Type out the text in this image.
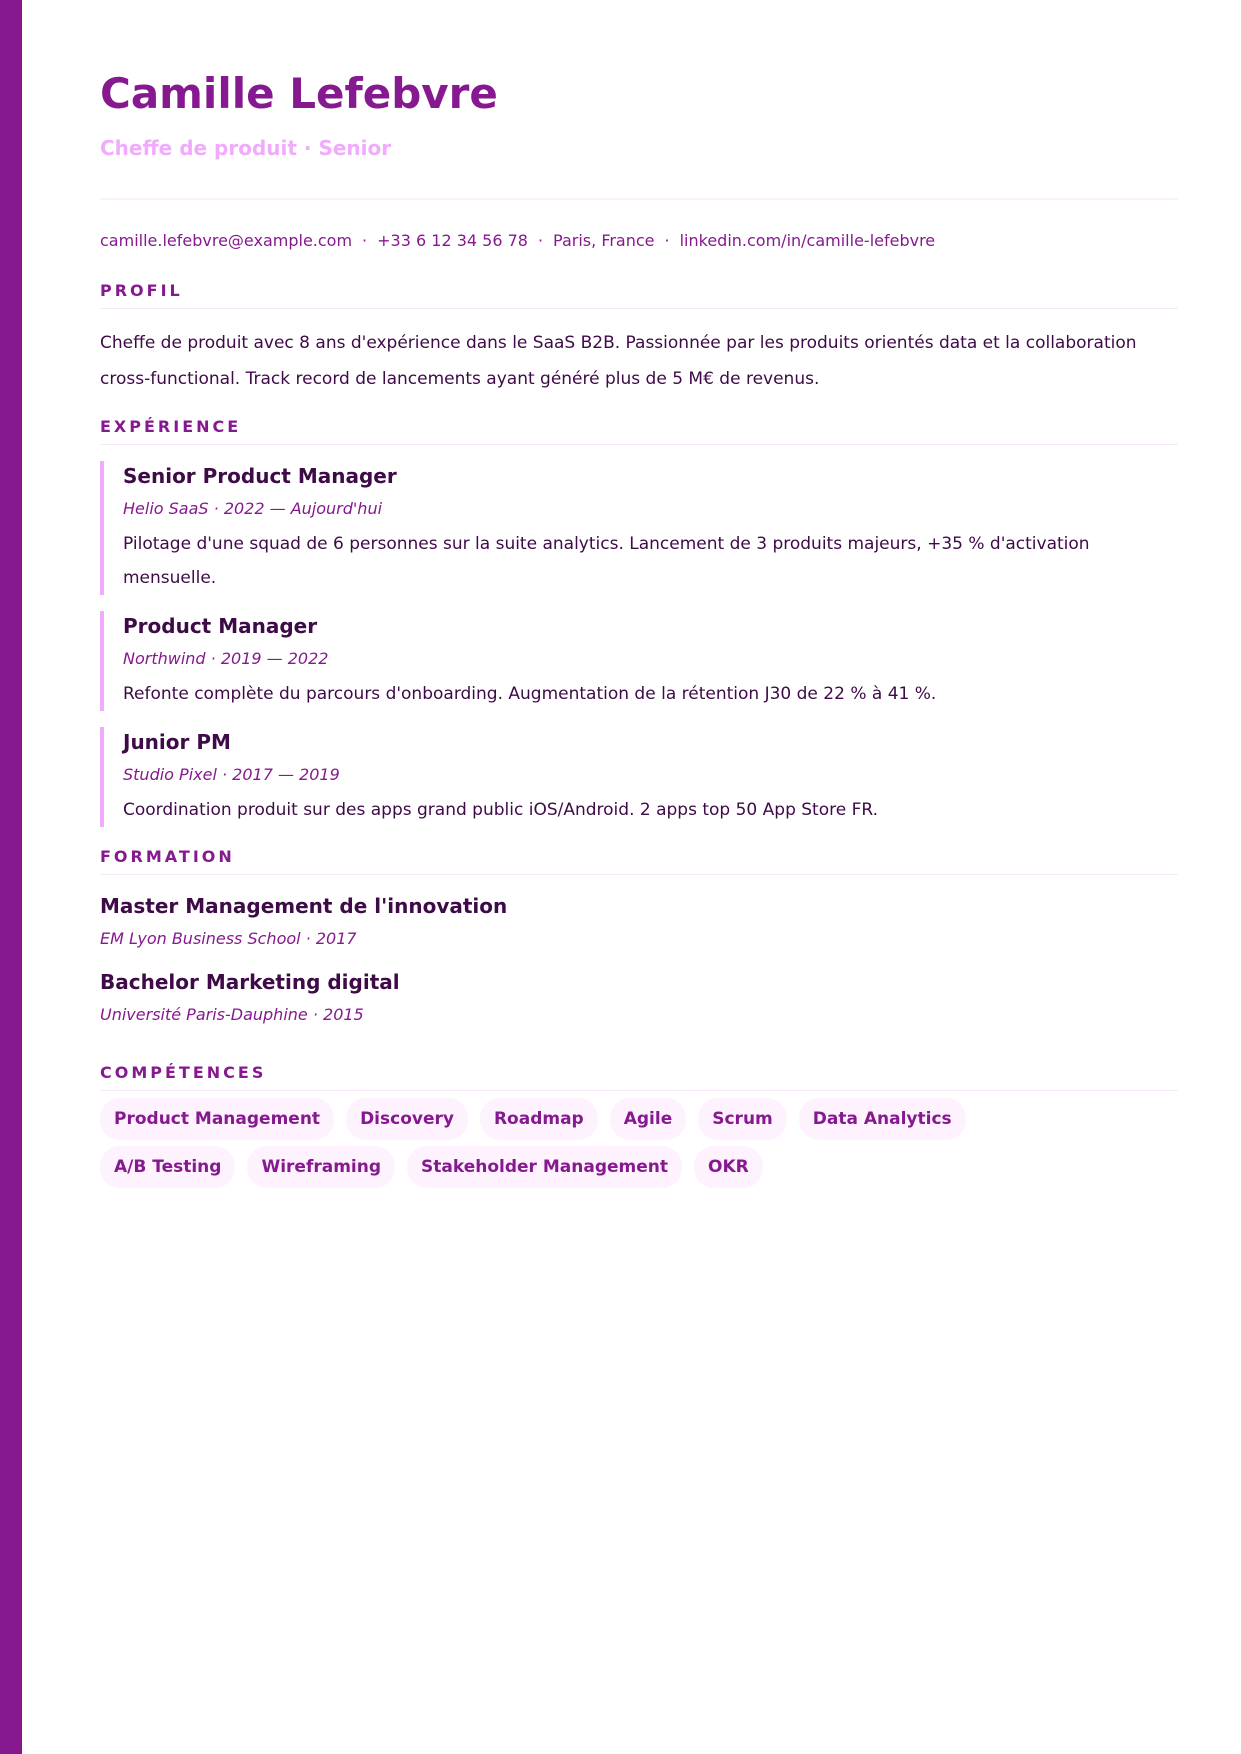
Camille Lefebvre
Cheffe de produit · Senior
camille.lefebvre@example.com · +33 6 12 34 56 78 · Paris, France · linkedin.com/in/camille-lefebvre
PROFIL
Cheffe de produit avec 8 ans d'expérience dans le SaaS B2B. Passionnée par les produits orientés data et la collaboration cross-functional. Track record de lancements ayant généré plus de 5 M€ de revenus.
EXPÉRIENCE
Senior Product Manager
Helio SaaS · 2022 — Aujourd'hui
Pilotage d'une squad de 6 personnes sur la suite analytics. Lancement de 3 produits majeurs, +35 % d'activation mensuelle.
Product Manager
Northwind · 2019 — 2022
Refonte complète du parcours d'onboarding. Augmentation de la rétention J30 de 22 % à 41 %.
Junior PM
Studio Pixel · 2017 — 2019
Coordination produit sur des apps grand public iOS/Android. 2 apps top 50 App Store FR.
FORMATION
Master Management de l'innovation
EM Lyon Business School · 2017
Bachelor Marketing digital
Université Paris-Dauphine · 2015
COMPÉTENCES
Product Management	Discovery	Roadmap	Agile	Scrum	Data Analytics
A/B Testing	Wireframing	Stakeholder Management	OKR
